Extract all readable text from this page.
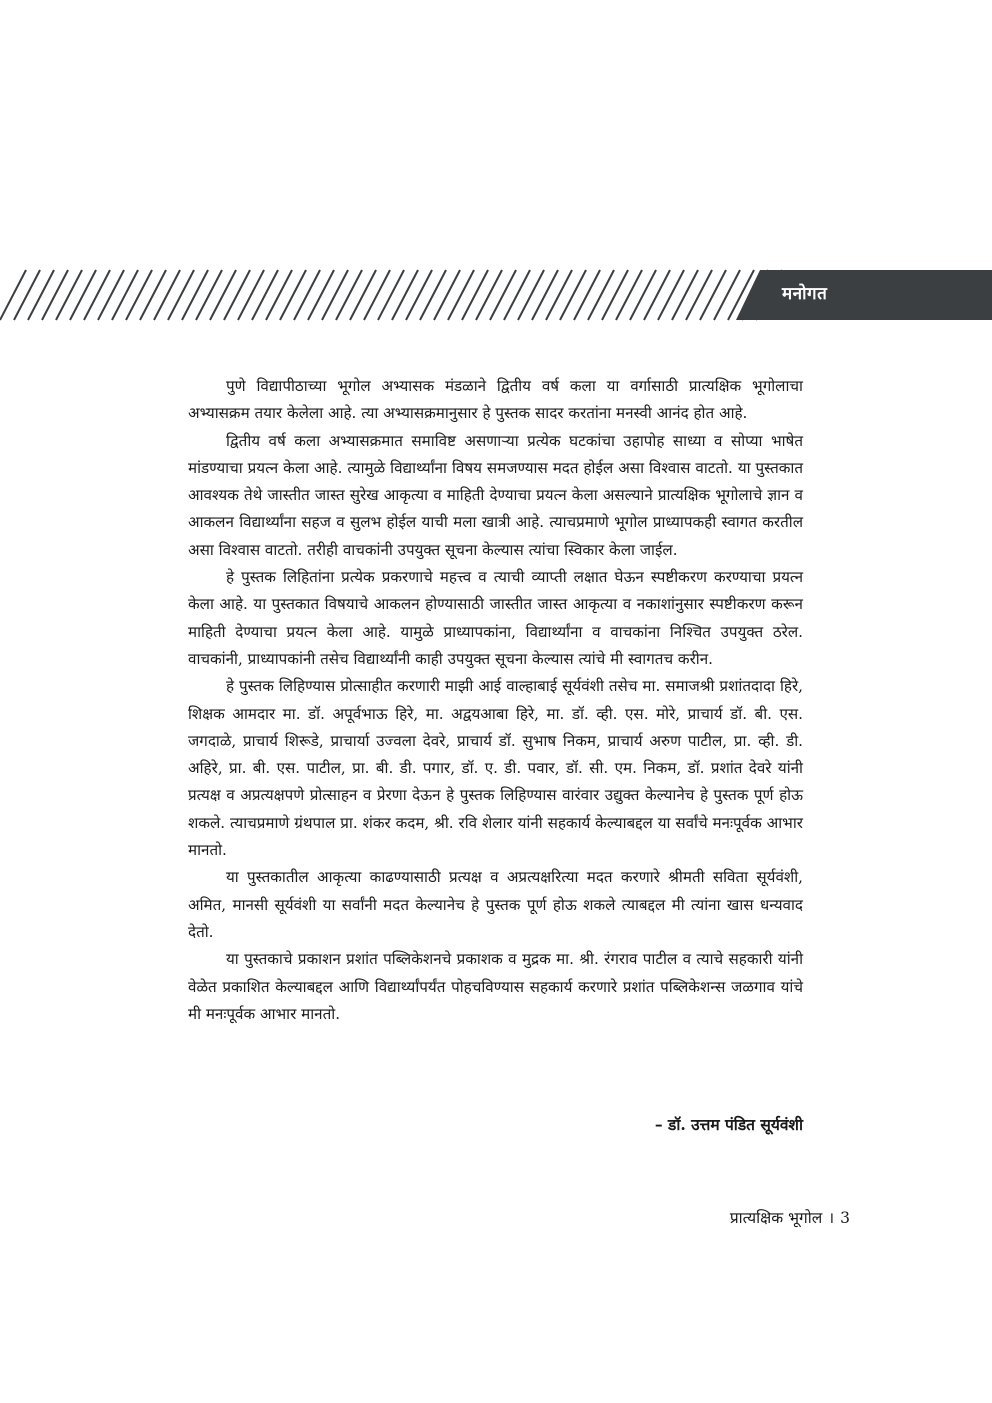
मनोगत

पुणे विद्यापीठाच्या भूगोल अभ्यासक मंडळाने द्वितीय वर्ष कला या वर्गासाठी प्रात्यक्षिक भूगोलाचा अभ्यासक्रम तयार केलेला आहे. त्या अभ्यासक्रमानुसार हे पुस्तक सादर करतांना मनस्वी आनंद होत आहे.

द्वितीय वर्ष कला अभ्यासक्रमात समाविष्ट असणाऱ्या प्रत्येक घटकांचा उहापोह साध्या व सोप्या भाषेत मांडण्याचा प्रयत्न केला आहे. त्यामुळे विद्यार्थ्यांना विषय समजण्यास मदत होईल असा विश्वास वाटतो. या पुस्तकात आवश्यक तेथे जास्तीत जास्त सुरेख आकृत्या व माहिती देण्याचा प्रयत्न केला असल्याने प्रात्यक्षिक भूगोलाचे ज्ञान व आकलन विद्यार्थ्यांना सहज व सुलभ होईल याची मला खात्री आहे. त्याचप्रमाणे भूगोल प्राध्यापकही स्वागत करतील असा विश्वास वाटतो. तरीही वाचकांनी उपयुक्त सूचना केल्यास त्यांचा स्विकार केला जाईल.

हे पुस्तक लिहितांना प्रत्येक प्रकरणाचे महत्त्व व त्याची व्याप्ती लक्षात घेऊन स्पष्टीकरण करण्याचा प्रयत्न केला आहे. या पुस्तकात विषयाचे आकलन होण्यासाठी जास्तीत जास्त आकृत्या व नकाशांनुसार स्पष्टीकरण करून माहिती देण्याचा प्रयत्न केला आहे. यामुळे प्राध्यापकांना, विद्यार्थ्यांना व वाचकांना निश्चित उपयुक्त ठरेल. वाचकांनी, प्राध्यापकांनी तसेच विद्यार्थ्यांनी काही उपयुक्त सूचना केल्यास त्यांचे मी स्वागतच करीन.

हे पुस्तक लिहिण्यास प्रोत्साहीत करणारी माझी आई वाल्हाबाई सूर्यवंशी तसेच मा. समाजश्री प्रशांतदादा हिरे, शिक्षक आमदार मा. डॉ. अपूर्वभाऊ हिरे, मा. अद्वयआबा हिरे, मा. डॉ. व्ही. एस. मोरे, प्राचार्य डॉ. बी. एस. जगदाळे, प्राचार्य शिरूडे, प्राचार्या उज्वला देवरे, प्राचार्य डॉ. सुभाष निकम, प्राचार्य अरुण पाटील, प्रा. व्ही. डी. अहिरे, प्रा. बी. एस. पाटील, प्रा. बी. डी. पगार, डॉ. ए. डी. पवार, डॉ. सी. एम. निकम, डॉ. प्रशांत देवरे यांनी प्रत्यक्ष व अप्रत्यक्षपणे प्रोत्साहन व प्रेरणा देऊन हे पुस्तक लिहिण्यास वारंवार उद्युक्त केल्यानेच हे पुस्तक पूर्ण होऊ शकले. त्याचप्रमाणे ग्रंथपाल प्रा. शंकर कदम, श्री. रवि शेलार यांनी सहकार्य केल्याबद्दल या सर्वांचे मनःपूर्वक आभार मानतो.

या पुस्तकातील आकृत्या काढण्यासाठी प्रत्यक्ष व अप्रत्यक्षरित्या मदत करणारे श्रीमती सविता सूर्यवंशी, अमित, मानसी सूर्यवंशी या सर्वांनी मदत केल्यानेच हे पुस्तक पूर्ण होऊ शकले त्याबद्दल मी त्यांना खास धन्यवाद देतो.

या पुस्तकाचे प्रकाशन प्रशांत पब्लिकेशनचे प्रकाशक व मुद्रक मा. श्री. रंगराव पाटील व त्याचे सहकारी यांनी वेळेत प्रकाशित केल्याबद्दल आणि विद्यार्थ्यांपर्यंत पोहचविण्यास सहकार्य करणारे प्रशांत पब्लिकेशन्स जळगाव यांचे मी मनःपूर्वक आभार मानतो.

– डॉ. उत्तम पंडित सूर्यवंशी
प्रात्यक्षिक भूगोल । 3
